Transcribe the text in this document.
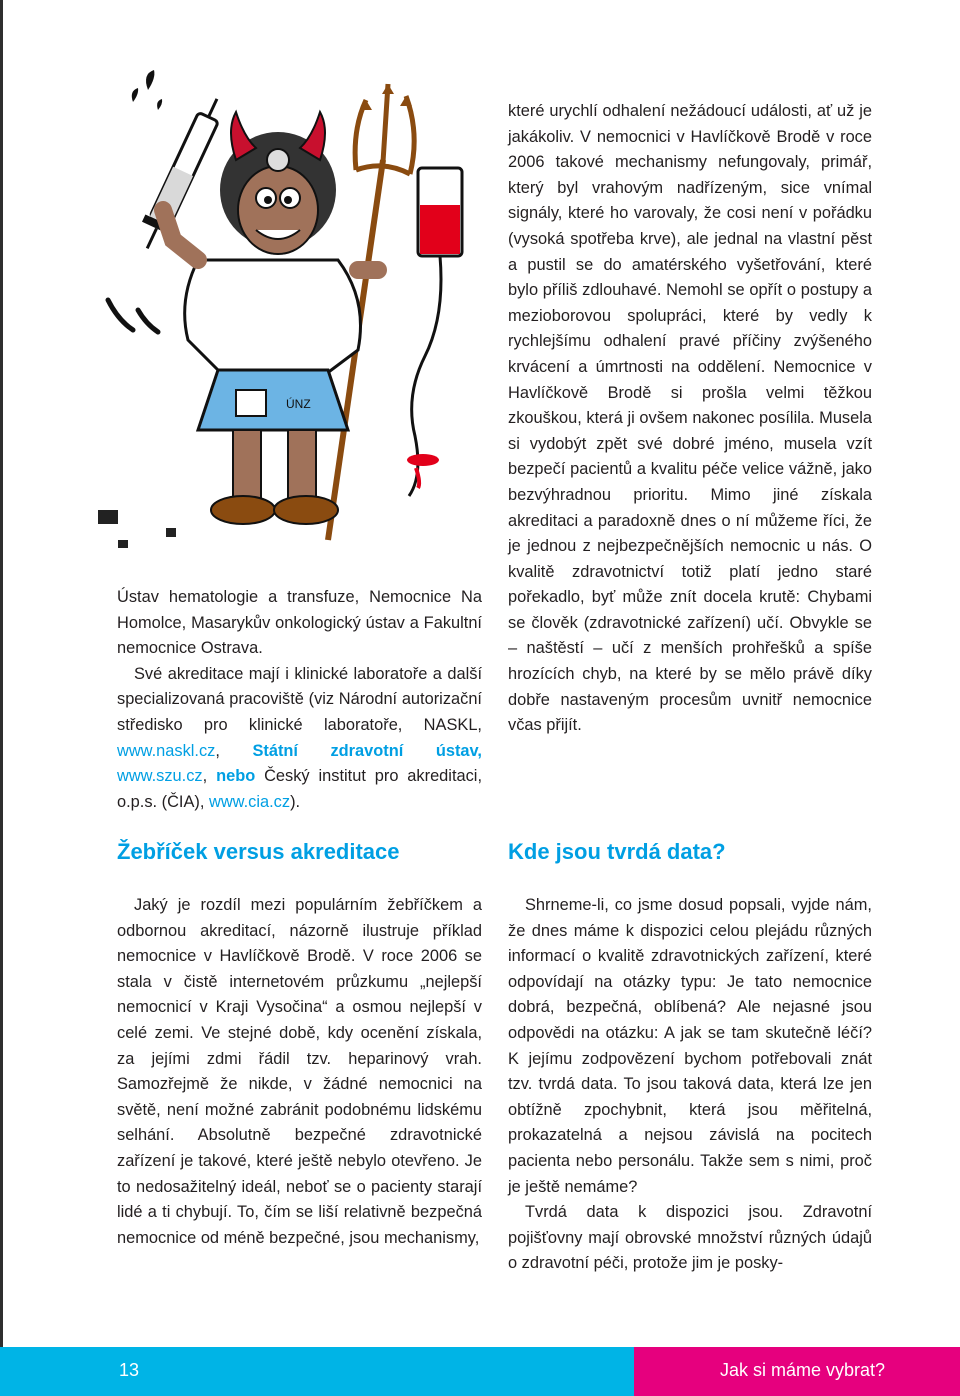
ÚNZ

Ústav hematologie a transfuze, Nemocnice Na Homolce, Masarykův onkologický ústav a Fakultní nemocnice Ostrava.

Své akreditace mají i klinické laboratoře a další specializovaná pracoviště (viz Národní autorizační středisko pro klinické laboratoře, NASKL, www.naskl.cz, Státní zdravotní ústav, www.szu.cz, nebo Český institut pro akreditaci, o.p.s. (ČIA), www.cia.cz).

Žebříček versus akreditace

Jaký je rozdíl mezi populárním žebříčkem a odbornou akreditací, názorně ilustruje příklad nemocnice v Havlíčkově Brodě. V roce 2006 se stala v čistě internetovém průzkumu „nejlepší nemocnicí v Kraji Vysočina“ a osmou nejlepší v celé zemi. Ve stejné době, kdy ocenění získala, za jejími zdmi řádil tzv. heparinový vrah. Samozřejmě že nikde, v žádné nemocnici na světě, není možné zabránit podobnému lidskému selhání. Absolutně bezpečné zdravotnické zařízení je takové, které ještě nebylo otevřeno. Je to nedosažitelný ideál, neboť se o pacienty starají lidé a ti chybují. To, čím se liší relativně bezpečná nemocnice od méně bezpečné, jsou mechanismy,

které urychlí odhalení nežádoucí události, ať už je jakákoliv. V nemocnici v Havlíčkově Brodě v roce 2006 takové mechanismy nefungovaly, primář, který byl vrahovým nadřízeným, sice vnímal signály, které ho varovaly, že cosi není v pořádku (vysoká spotřeba krve), ale jednal na vlastní pěst a pustil se do amatérského vyšetřování, které bylo příliš zdlouhavé. Nemohl se opřít o postupy a mezioborovou spolupráci, které by vedly k rychlejšímu odhalení pravé příčiny zvýšeného krvácení a úmrtnosti na oddělení. Nemocnice v Havlíčkově Brodě si prošla velmi těžkou zkouškou, která ji ovšem nakonec posílila. Musela si vydobýt zpět své dobré jméno, musela vzít bezpečí pacientů a kvalitu péče velice vážně, jako bezvýhradnou prioritu. Mimo jiné získala akreditaci a paradoxně dnes o ní můžeme říci, že je jednou z nejbezpečnějších nemocnic u nás. O kvalitě zdravotnictví totiž platí jedno staré pořekadlo, byť může znít docela krutě: Chybami se člověk (zdravotnické zařízení) učí. Obvykle se – naštěstí – učí z menších prohřešků a spíše hrozících chyb, na které by se mělo právě díky dobře nastaveným procesům uvnitř nemocnice včas přijít.

Kde jsou tvrdá data?

Shrneme-li, co jsme dosud popsali, vyjde nám, že dnes máme k dispozici celou plejádu různých informací o kvalitě zdravotnických zařízení, které odpovídají na otázky typu: Je tato nemocnice dobrá, bezpečná, oblíbená? Ale nejasné jsou odpovědi na otázku: A jak se tam skutečně léčí? K jejímu zodpovězení bychom potřebovali znát tzv. tvrdá data. To jsou taková data, která lze jen obtížně zpochybnit, která jsou měřitelná, prokazatelná a nejsou závislá na pocitech pacienta nebo personálu. Takže sem s nimi, proč je ještě nemáme?

Tvrdá data k dispozici jsou. Zdravotní pojišťovny mají obrovské množství různých údajů o zdravotní péči, protože jim je posky-

13	Jak si máme vybrat?
